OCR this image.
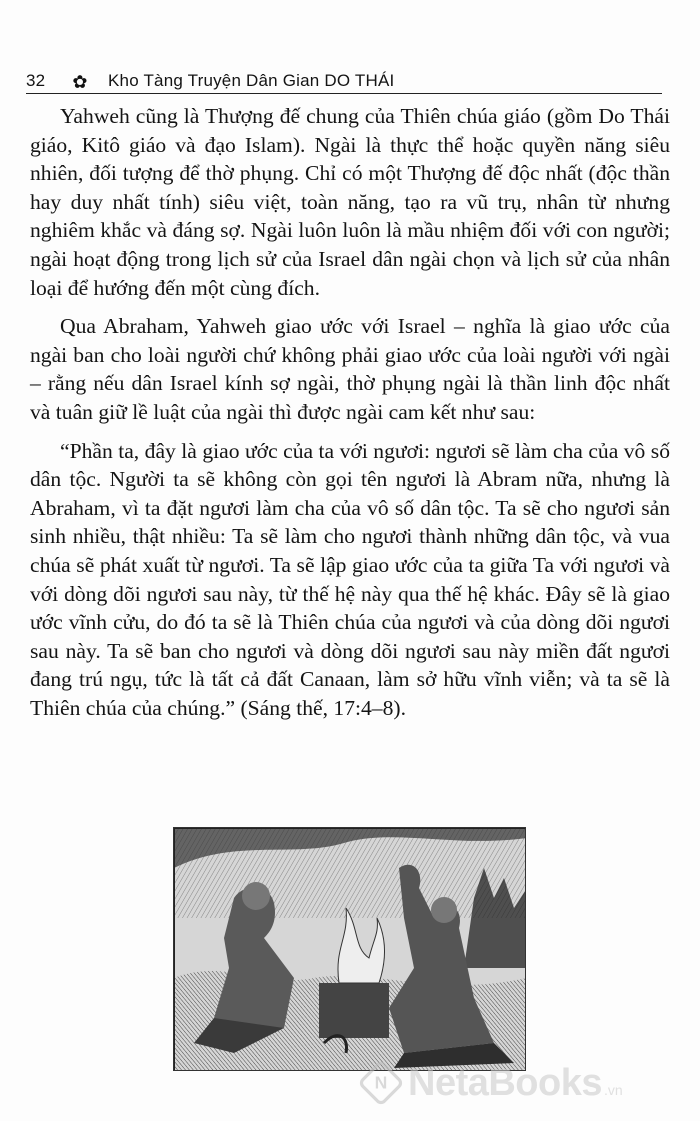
32	✿	Kho Tàng Truyện Dân Gian DO THÁI

Yahweh cũng là Thượng đế chung của Thiên chúa giáo (gồm Do Thái giáo, Kitô giáo và đạo Islam). Ngài là thực thể hoặc quyền năng siêu nhiên, đối tượng để thờ phụng. Chỉ có một Thượng đế độc nhất (độc thần hay duy nhất tính) siêu việt, toàn năng, tạo ra vũ trụ, nhân từ nhưng nghiêm khắc và đáng sợ. Ngài luôn luôn là mầu nhiệm đối với con người; ngài hoạt động trong lịch sử của Israel dân ngài chọn và lịch sử của nhân loại để hướng đến một cùng đích.

Qua Abraham, Yahweh giao ước với Israel – nghĩa là giao ước của ngài ban cho loài người chứ không phải giao ước của loài người với ngài – rằng nếu dân Israel kính sợ ngài, thờ phụng ngài là thần linh độc nhất và tuân giữ lề luật của ngài thì được ngài cam kết như sau:

“Phần ta, đây là giao ước của ta với ngươi: ngươi sẽ làm cha của vô số dân tộc. Người ta sẽ không còn gọi tên ngươi là Abram nữa, nhưng là Abraham, vì ta đặt ngươi làm cha của vô số dân tộc. Ta sẽ cho ngươi sản sinh nhiều, thật nhiều: Ta sẽ làm cho ngươi thành những dân tộc, và vua chúa sẽ phát xuất từ ngươi. Ta sẽ lập giao ước của ta giữa Ta với ngươi và với dòng dõi ngươi sau này, từ thế hệ này qua thế hệ khác. Đây sẽ là giao ước vĩnh cửu, do đó ta sẽ là Thiên chúa của ngươi và của dòng dõi ngươi sau này. Ta sẽ ban cho ngươi và dòng dõi ngươi sau này miền đất ngươi đang trú ngụ, tức là tất cả đất Canaan, làm sở hữu vĩnh viễn; và ta sẽ là Thiên chúa của chúng.” (Sáng thế, 17:4–8).

N NetaBooks .vn
